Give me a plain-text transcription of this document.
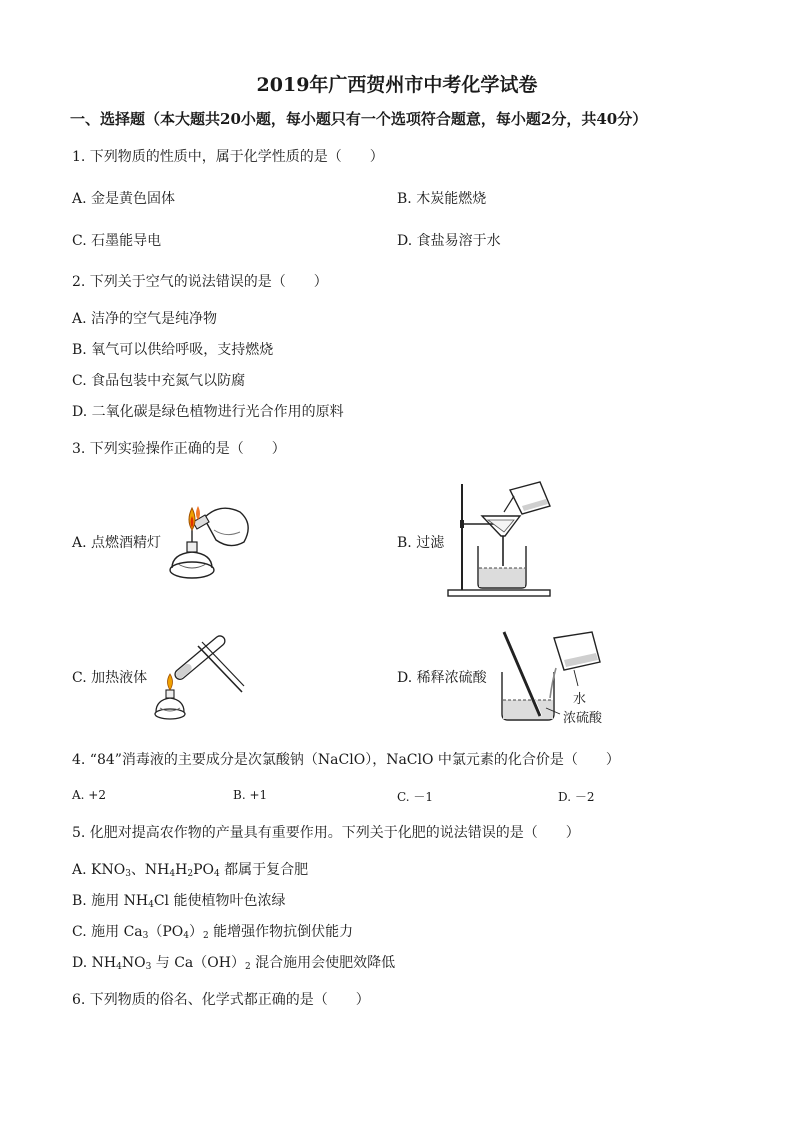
2019年广西贺州市中考化学试卷
一、选择题（本大题共20小题，每小题只有一个选项符合题意，每小题2分，共40分）
1. 下列物质的性质中，属于化学性质的是（　　）
A. 金是黄色固体	B. 木炭能燃烧
C. 石墨能导电	D. 食盐易溶于水
2. 下列关于空气的说法错误的是（　　）
A. 洁净的空气是纯净物
B. 氧气可以供给呼吸，支持燃烧
C. 食品包装中充氮气以防腐
D. 二氧化碳是绿色植物进行光合作用的原料
3. 下列实验操作正确的是（　　）
A. 点燃酒精灯	B. 过滤
C. 加热液体	D. 稀释浓硫酸
水
浓硫酸
4. “84”消毒液的主要成分是次氯酸钠（NaClO），NaClO 中氯元素的化合价是（　　）
A. +2	B. +1	C. －1	D. －2
5. 化肥对提高农作物的产量具有重要作用。下列关于化肥的说法错误的是（　　）
A. $KNO_3$、$NH_4H_2PO_4$ 都属于复合肥
B. 施用 $NH_4Cl$ 能使植物叶色浓绿
C. 施用 $Ca_3(PO_4)_2$ 能增强作物抗倒伏能力
D. $NH_4NO_3$ 与 $Ca(OH)_2$ 混合施用会使肥效降低
6. 下列物质的俗名、化学式都正确的是（　　）
